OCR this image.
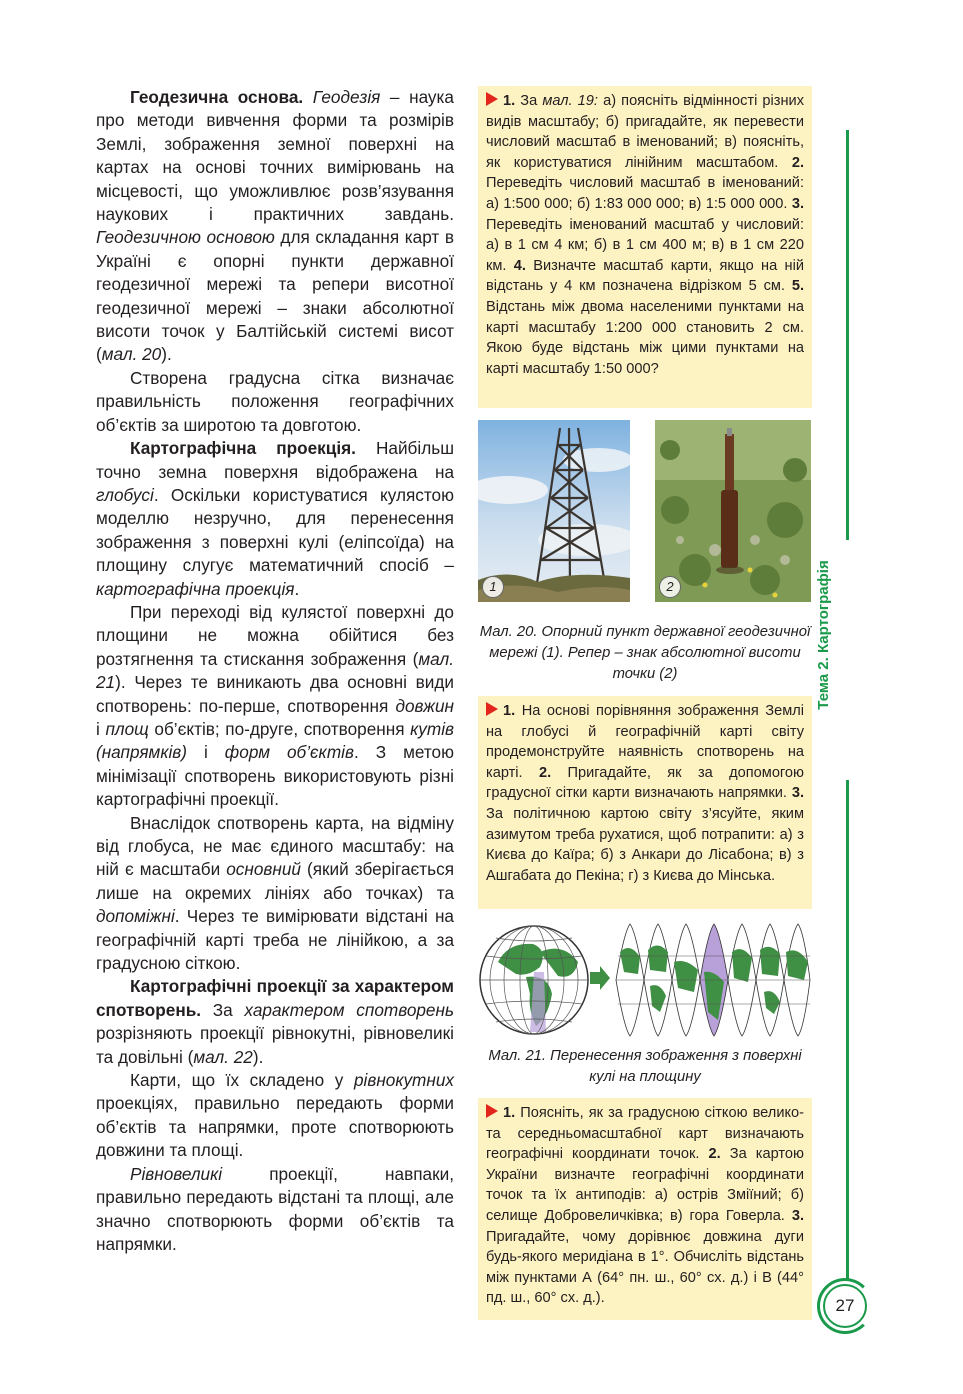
Геодезична основа. Геодезія – наука про методи вивчення форми та розмірів Землі, зображення земної поверхні на картах на основі точних вимірювань на місцевості, що уможливлює розв’язування наукових і практичних завдань. Геодезичною основою для складання карт в Україні є опорні пункти державної геодезичної мережі та репери висотної геодезичної мережі – знаки абсолютної висоти точок у Балтійській системі висот (мал. 20).

Створена градусна сітка визначає правильність положення географічних об’єктів за широтою та довготою.

Картографічна проекція. Найбільш точно земна поверхня відображена на глобусі. Оскільки користуватися кулястою моделлю незручно, для перенесення зображення з поверхні кулі (еліпсоїда) на площину слугує математичний спосіб – картографічна проекція.

При переході від кулястої поверхні до площини не можна обійтися без розтягнення та стискання зображення (мал. 21). Через те виникають два основні види спотворень: по-перше, спотворення довжин і площ об’єктів; по-друге, спотворення кутів (напрямків) і форм об’єктів. З метою мінімізації спотворень використовують різні картографічні проекції.

Внаслідок спотворень карта, на відміну від глобуса, не має єдиного масштабу: на ній є масштаби основний (який зберігається лише на окремих лініях або точках) та допоміжні. Через те вимірювати відстані на географічній карті треба не лінійкою, а за градусною сіткою.

Картографічні проекції за характером спотворень. За характером спотворень розрізняють проекції рівнокутні, рівновеликі та довільні (мал. 22).

Карти, що їх складено у рівнокутних проекціях, правильно передають форми об’єктів та напрямки, проте спотворюють довжини та площі.

Рівновеликі проекції, навпаки, правильно передають відстані та площі, але значно спотворюють форми об’єктів та напрямки.

1. За мал. 19: а) поясніть відмінності різних видів масштабу; б) пригадайте, як перевести числовий масштаб в іменований; в) поясніть, як користуватися лінійним масштабом. 2. Переведіть числовий масштаб в іменований: а) 1:500 000; б) 1:83 000 000; в) 1:5 000 000. 3. Переведіть іменований масштаб у числовий: а) в 1 см 4 км; б) в 1 см 400 м; в) в 1 см 220 км. 4. Визначте масштаб карти, якщо на ній відстань у 4 км позначена відрізком 5 см. 5. Відстань між двома населеними пунктами на карті масштабу 1:200 000 становить 2 см. Якою буде відстань між цими пунктами на карті масштабу 1:50 000?
1	2
Мал. 20. Опорний пункт державної геодезичної мережі (1). Репер – знак абсолютної висоти точки (2)
1. На основі порівняння зображення Землі на глобусі й географічній карті світу продемонструйте наявність спотворень на карті. 2. Пригадайте, як за допомогою градусної сітки карти визначають напрямки. 3. За політичною картою світу з’ясуйте, яким азимутом треба рухатися, щоб потрапити: а) з Києва до Каїра; б) з Анкари до Лісабона; в) з Ашгабата до Пекіна; г) з Києва до Мінська.
Мал. 21. Перенесення зображення з поверхні кулі на площину
1. Поясніть, як за градусною сіткою велико- та середньомасштабної карт визначають географічні координати точок. 2. За картою України визначте географічні координати точок та їх антиподів: а) острів Зміїний; б) селище Добровеличківка; в) гора Говерла. 3. Пригадайте, чому дорівнює довжина дуги будь-якого меридіана в 1°. Обчисліть відстань між пунктами А (64° пн. ш., 60° сх. д.) і В (44° пд. ш., 60° сх. д.).
Тема 2. Картографія
27
